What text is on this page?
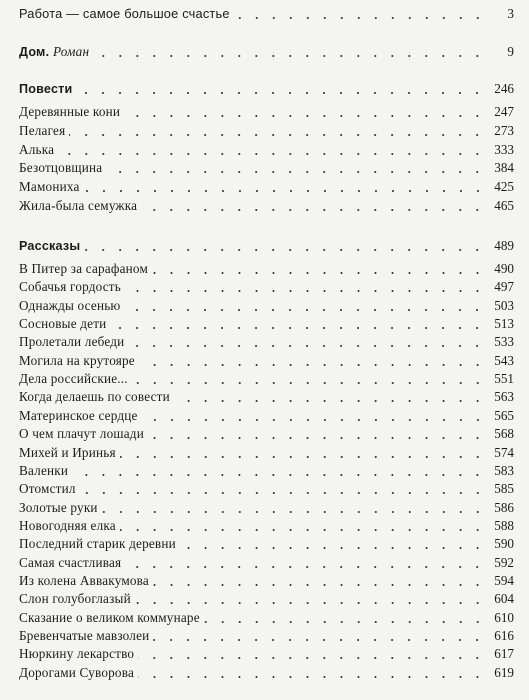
Работа — самое большое счастье	3
Дом. Роман	9
Повести	246
Деревянные кони	247
Пелагея	273
Алька	333
Безотцовщина	384
Мамониха	425
Жила-была семужка	465
Рассказы	489
В Питер за сарафаном	490
Собачья гордость	497
Однажды осенью	503
Сосновые дети	513
Пролетали лебеди	533
Могила на крутояре	543
Дела российские...	551
Когда делаешь по совести	563
Материнское сердце	565
О чем плачут лошади	568
Михей и Иринья	574
Валенки	583
Отомстил	585
Золотые руки	586
Новогодняя елка	588
Последний старик деревни	590
Самая счастливая	592
Из колена Аввакумова	594
Слон голубоглазый	604
Сказание о великом коммунаре	610
Бревенчатые мавзолеи	616
Нюркину лекарство	617
Дорогами Суворова	619
